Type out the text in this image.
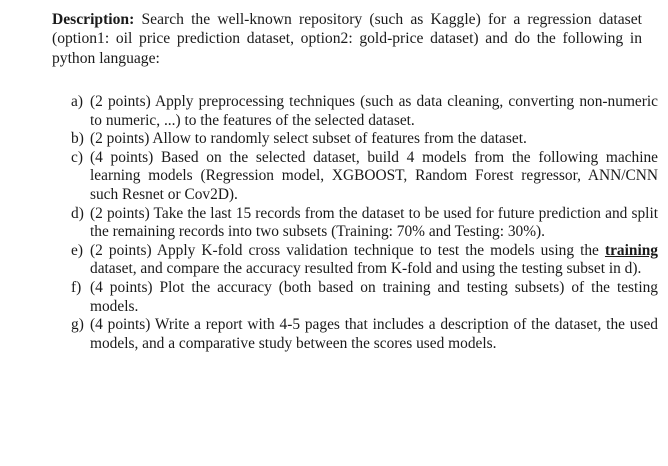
Description: Search the well-known repository (such as Kaggle) for a regression dataset (option1: oil price prediction dataset, option2: gold-price dataset) and do the following in python language:
a) (2 points) Apply preprocessing techniques (such as data cleaning, converting non-numeric to numeric, ...) to the features of the selected dataset.
b) (2 points) Allow to randomly select subset of features from the dataset.
c) (4 points) Based on the selected dataset, build 4 models from the following machine learning models (Regression model, XGBOOST, Random Forest regressor, ANN/CNN such Resnet or Cov2D).
d) (2 points) Take the last 15 records from the dataset to be used for future prediction and split the remaining records into two subsets (Training: 70% and Testing: 30%).
e) (2 points) Apply K-fold cross validation technique to test the models using the training dataset, and compare the accuracy resulted from K-fold and using the testing subset in d).
f) (4 points) Plot the accuracy (both based on training and testing subsets) of the testing models.
g) (4 points) Write a report with 4-5 pages that includes a description of the dataset, the used models, and a comparative study between the scores used models.
